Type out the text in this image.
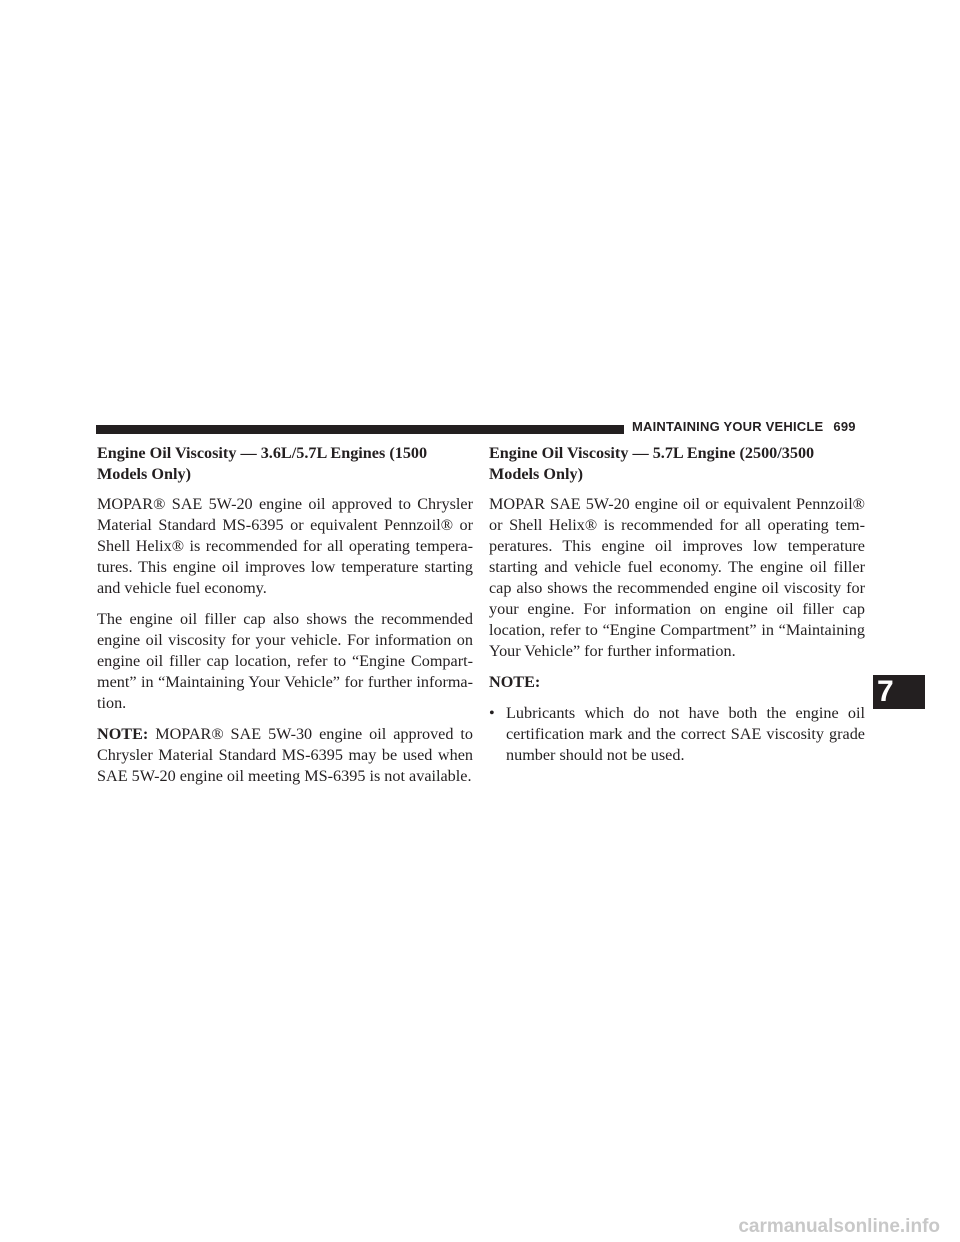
MAINTAINING YOUR VEHICLE 699
Engine Oil Viscosity — 3.6L/5.7L Engines (1500
Models Only)

MOPAR® SAE 5W-20 engine oil approved to Chrysler Material Standard MS-6395 or equivalent Pennzoil® or Shell Helix® is recommended for all operating tempera-tures. This engine oil improves low temperature starting and vehicle fuel economy.

The engine oil filler cap also shows the recommended engine oil viscosity for your vehicle. For information on engine oil filler cap location, refer to “Engine Compart-ment” in “Maintaining Your Vehicle” for further informa-tion.

NOTE: MOPAR® SAE 5W-30 engine oil approved to Chrysler Material Standard MS-6395 may be used when SAE 5W-20 engine oil meeting MS-6395 is not available.

Engine Oil Viscosity — 5.7L Engine (2500/3500
Models Only)

MOPAR SAE 5W-20 engine oil or equivalent Pennzoil® or Shell Helix® is recommended for all operating tem-peratures. This engine oil improves low temperature starting and vehicle fuel economy. The engine oil filler cap also shows the recommended engine oil viscosity for your engine. For information on engine oil filler cap location, refer to “Engine Compartment” in “Maintaining Your Vehicle” for further information.

NOTE:
• Lubricants which do not have both the engine oil certification mark and the correct SAE viscosity grade number should not be used.
7
carmanualsonline.info
